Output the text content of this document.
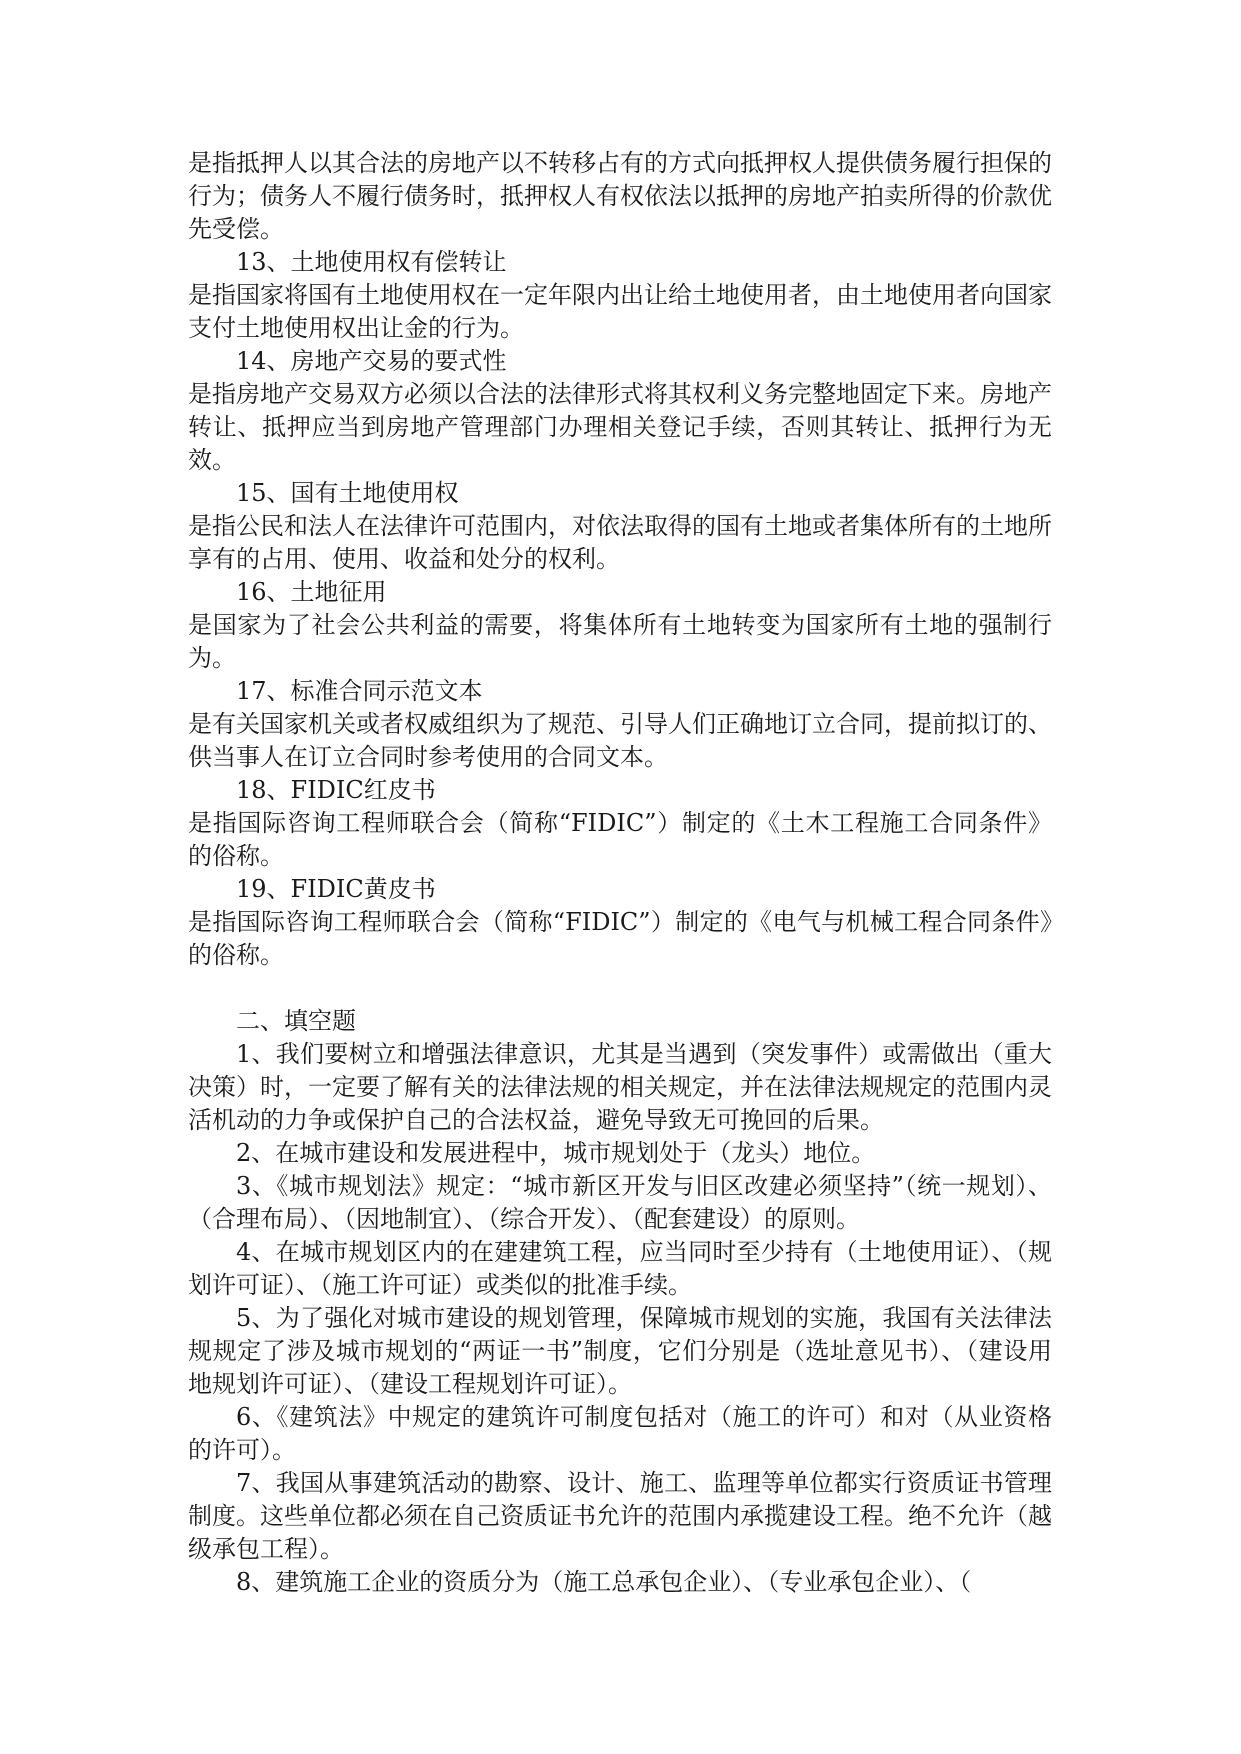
是指抵押人以其合法的房地产以不转移占有的方式向抵押权人提供债务履行担保的行为；债务人不履行债务时，抵押权人有权依法以抵押的房地产拍卖所得的价款优先受偿。

13、土地使用权有偿转让

是指国家将国有土地使用权在一定年限内出让给土地使用者，由土地使用者向国家支付土地使用权出让金的行为。

14、房地产交易的要式性

是指房地产交易双方必须以合法的法律形式将其权利义务完整地固定下来。房地产转让、抵押应当到房地产管理部门办理相关登记手续，否则其转让、抵押行为无效。

15、国有土地使用权

是指公民和法人在法律许可范围内，对依法取得的国有土地或者集体所有的土地所享有的占用、使用、收益和处分的权利。

16、土地征用

是国家为了社会公共利益的需要，将集体所有土地转变为国家所有土地的强制行为。

17、标准合同示范文本

是有关国家机关或者权威组织为了规范、引导人们正确地订立合同，提前拟订的、供当事人在订立合同时参考使用的合同文本。

18、FIDIC红皮书

是指国际咨询工程师联合会（简称“FIDIC”）制定的《土木工程施工合同条件》的俗称。

19、FIDIC黄皮书

是指国际咨询工程师联合会（简称“FIDIC”）制定的《电气与机械工程合同条件》的俗称。

二、填空题

1、我们要树立和增强法律意识，尤其是当遇到（突发事件）或需做出（重大决策）时，一定要了解有关的法律法规的相关规定，并在法律法规规定的范围内灵活机动的力争或保护自己的合法权益，避免导致无可挽回的后果。

2、在城市建设和发展进程中，城市规划处于（龙头）地位。

3、《城市规划法》规定：“城市新区开发与旧区改建必须坚持”（统一规划）、（合理布局）、（因地制宜）、（综合开发）、（配套建设）的原则。

4、在城市规划区内的在建建筑工程，应当同时至少持有（土地使用证）、（规划许可证）、（施工许可证）或类似的批准手续。

5、为了强化对城市建设的规划管理，保障城市规划的实施，我国有关法律法规规定了涉及城市规划的“两证一书”制度，它们分别是（选址意见书）、（建设用地规划许可证）、（建设工程规划许可证）。

6、《建筑法》中规定的建筑许可制度包括对（施工的许可）和对（从业资格的许可）。

7、我国从事建筑活动的勘察、设计、施工、监理等单位都实行资质证书管理制度。这些单位都必须在自己资质证书允许的范围内承揽建设工程。绝不允许（越级承包工程）。

8、建筑施工企业的资质分为（施工总承包企业）、（专业承包企业）、（
